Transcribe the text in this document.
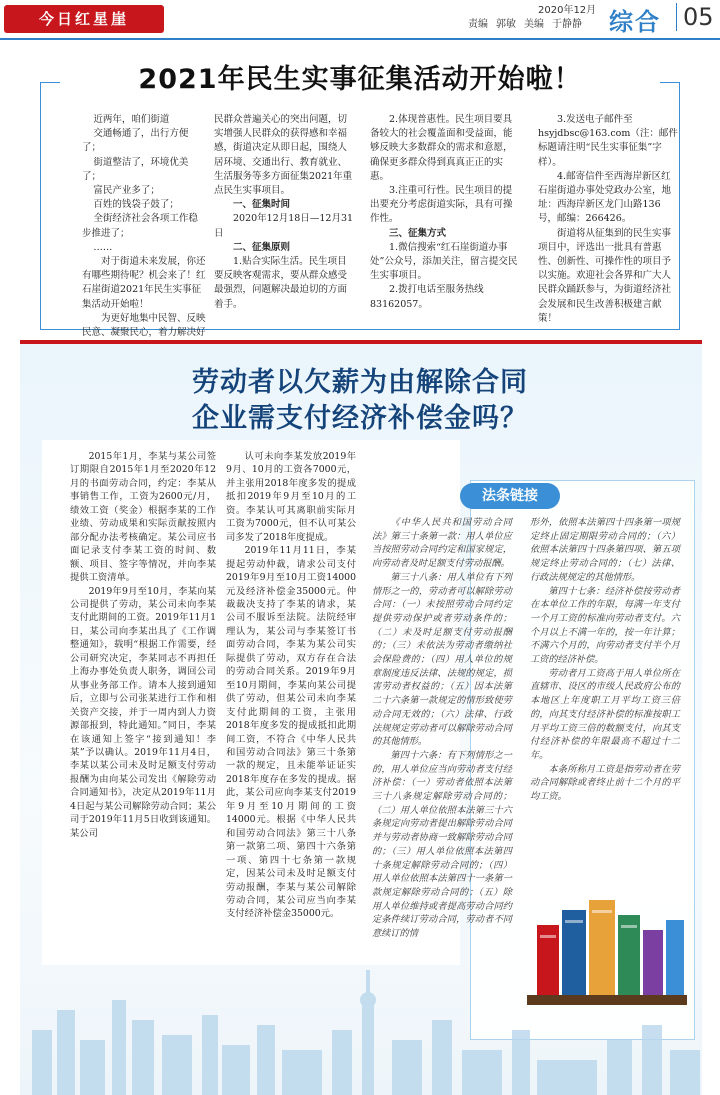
今日红星崖	2020年12月
责编 郭敏 美编 于静静	综合 05
2021年民生实事征集活动开始啦！

近两年，咱们街道

交通畅通了，出行方便了；

街道整洁了，环境优美了；

富民产业多了；

百姓的钱袋子鼓了；

全街经济社会各项工作稳步推进了；

……

对于街道未来发展，你还有哪些期待呢？机会来了！红石崖街道2021年民生实事征集活动开始啦！

为更好地集中民智、反映民意、凝聚民心，着力解决好

民群众普遍关心的突出问题，切实增强人民群众的获得感和幸福感，街道决定从即日起，围绕人居环境、交通出行、教育就业、生活服务等多方面征集2021年重点民生实事项目。

一、征集时间

2020年12月18日—12月31日

二、征集原则

1.贴合实际生活。民生项目要反映客观需求，要从群众感受最强烈，问题解决最迫切的方面着手。

2.体现普惠性。民生项目要具备较大的社会覆盖面和受益面，能够反映大多数群众的需求和意愿，确保更多群众得到真真正正的实惠。

3.注重可行性。民生项目的提出要充分考虑街道实际，具有可操作性。

三、征集方式

1.微信搜索“红石崖街道办事处”公众号，添加关注，留言提交民生实事项目。

2.拨打电话至服务热线83162057。

3.发送电子邮件至hsyjdbsc@163.com（注：邮件标题请注明“民生实事征集”字样）。

4.邮寄信件至西海岸新区红石崖街道办事处党政办公室，地址：西海岸新区龙门山路136号，邮编：266426。

街道将从征集到的民生实事项目中，评选出一批具有普惠性、创新性、可操作性的项目予以实施。欢迎社会各界和广大人民群众踊跃参与，为街道经济社会发展和民生改善积极建言献策！

劳动者以欠薪为由解除合同
企业需支付经济补偿金吗？

2015年1月，李某与某公司签订期限自2015年1月至2020年12月的书面劳动合同，约定：李某从事销售工作，工资为2600元/月，绩效工资（奖金）根据李某的工作业绩、劳动成果和实际贡献按照内部分配办法考核确定。某公司应书面记录支付李某工资的时间、数额、项目、签字等情况，并向李某提供工资清单。

2019年9月至10月，李某向某公司提供了劳动，某公司未向李某支付此期间的工资。2019年11月1日，某公司向李某出具了《工作调整通知》，载明“根据工作需要，经公司研究决定，李某同志不再担任上海办事处负责人职务，调回公司从事业务部工作。请本人接到通知后，立即与公司张某进行工作和相关资产交接，并于一周内到人力资源部报到，特此通知。”同日，李某在该通知上签字“接到通知！李某”予以确认。2019年11月4日，李某以某公司未及时足额支付劳动报酬为由向某公司发出《解除劳动合同通知书》，决定从2019年11月4日起与某公司解除劳动合同；某公司于2019年11月5日收到该通知。某公司

认可未向李某发放2019年9月、10月的工资各7000元，并主张用2018年度多发的提成抵扣2019年9月至10月的工资。李某认可其离职前实际月工资为7000元，但不认可某公司多发了2018年度提成。

2019年11月11日，李某提起劳动仲裁，请求公司支付2019年9月至10月工资14000元及经济补偿金35000元。仲裁裁决支持了李某的请求，某公司不服诉至法院。法院经审理认为，某公司与李某签订书面劳动合同，李某为某公司实际提供了劳动，双方存在合法的劳动合同关系。2019年9月至10月期间，李某向某公司提供了劳动，但某公司未向李某支付此期间的工资，主张用2018年度多发的提成抵扣此期间工资，不符合《中华人民共和国劳动合同法》第三十条第一款的规定，且未能举证证实2018年度存在多发的提成。据此，某公司应向李某支付2019年9月至10月期间的工资14000元。根据《中华人民共和国劳动合同法》第三十八条第一款第二项、第四十六条第一项、第四十七条第一款规定，因某公司未及时足额支付劳动报酬，李某与某公司解除劳动合同，某公司应当向李某支付经济补偿金35000元。

法条链接

《中华人民共和国劳动合同法》第三十条第一款：用人单位应当按照劳动合同约定和国家规定，向劳动者及时足额支付劳动报酬。

第三十八条：用人单位有下列情形之一的，劳动者可以解除劳动合同：（一）未按照劳动合同约定提供劳动保护或者劳动条件的；（二）未及时足额支付劳动报酬的；（三）未依法为劳动者缴纳社会保险费的；（四）用人单位的规章制度违反法律、法规的规定，损害劳动者权益的；（五）因本法第二十六条第一款规定的情形致使劳动合同无效的；（六）法律、行政法规规定劳动者可以解除劳动合同的其他情形。

第四十六条：有下列情形之一的，用人单位应当向劳动者支付经济补偿：（一）劳动者依照本法第三十八条规定解除劳动合同的；（二）用人单位依照本法第三十六条规定向劳动者提出解除劳动合同并与劳动者协商一致解除劳动合同的；（三）用人单位依照本法第四十条规定解除劳动合同的；（四）用人单位依照本法第四十一条第一款规定解除劳动合同的；（五）除用人单位维持或者提高劳动合同约定条件续订劳动合同，劳动者不同意续订的情

形外，依照本法第四十四条第一项规定终止固定期限劳动合同的；（六）依照本法第四十四条第四项、第五项规定终止劳动合同的；（七）法律、行政法规规定的其他情形。

第四十七条：经济补偿按劳动者在本单位工作的年限，每满一年支付一个月工资的标准向劳动者支付。六个月以上不满一年的，按一年计算；不满六个月的，向劳动者支付半个月工资的经济补偿。

劳动者月工资高于用人单位所在直辖市、设区的市级人民政府公布的本地区上年度职工月平均工资三倍的，向其支付经济补偿的标准按职工月平均工资三倍的数额支付，向其支付经济补偿的年限最高不超过十二年。

本条所称月工资是指劳动者在劳动合同解除或者终止前十二个月的平均工资。
